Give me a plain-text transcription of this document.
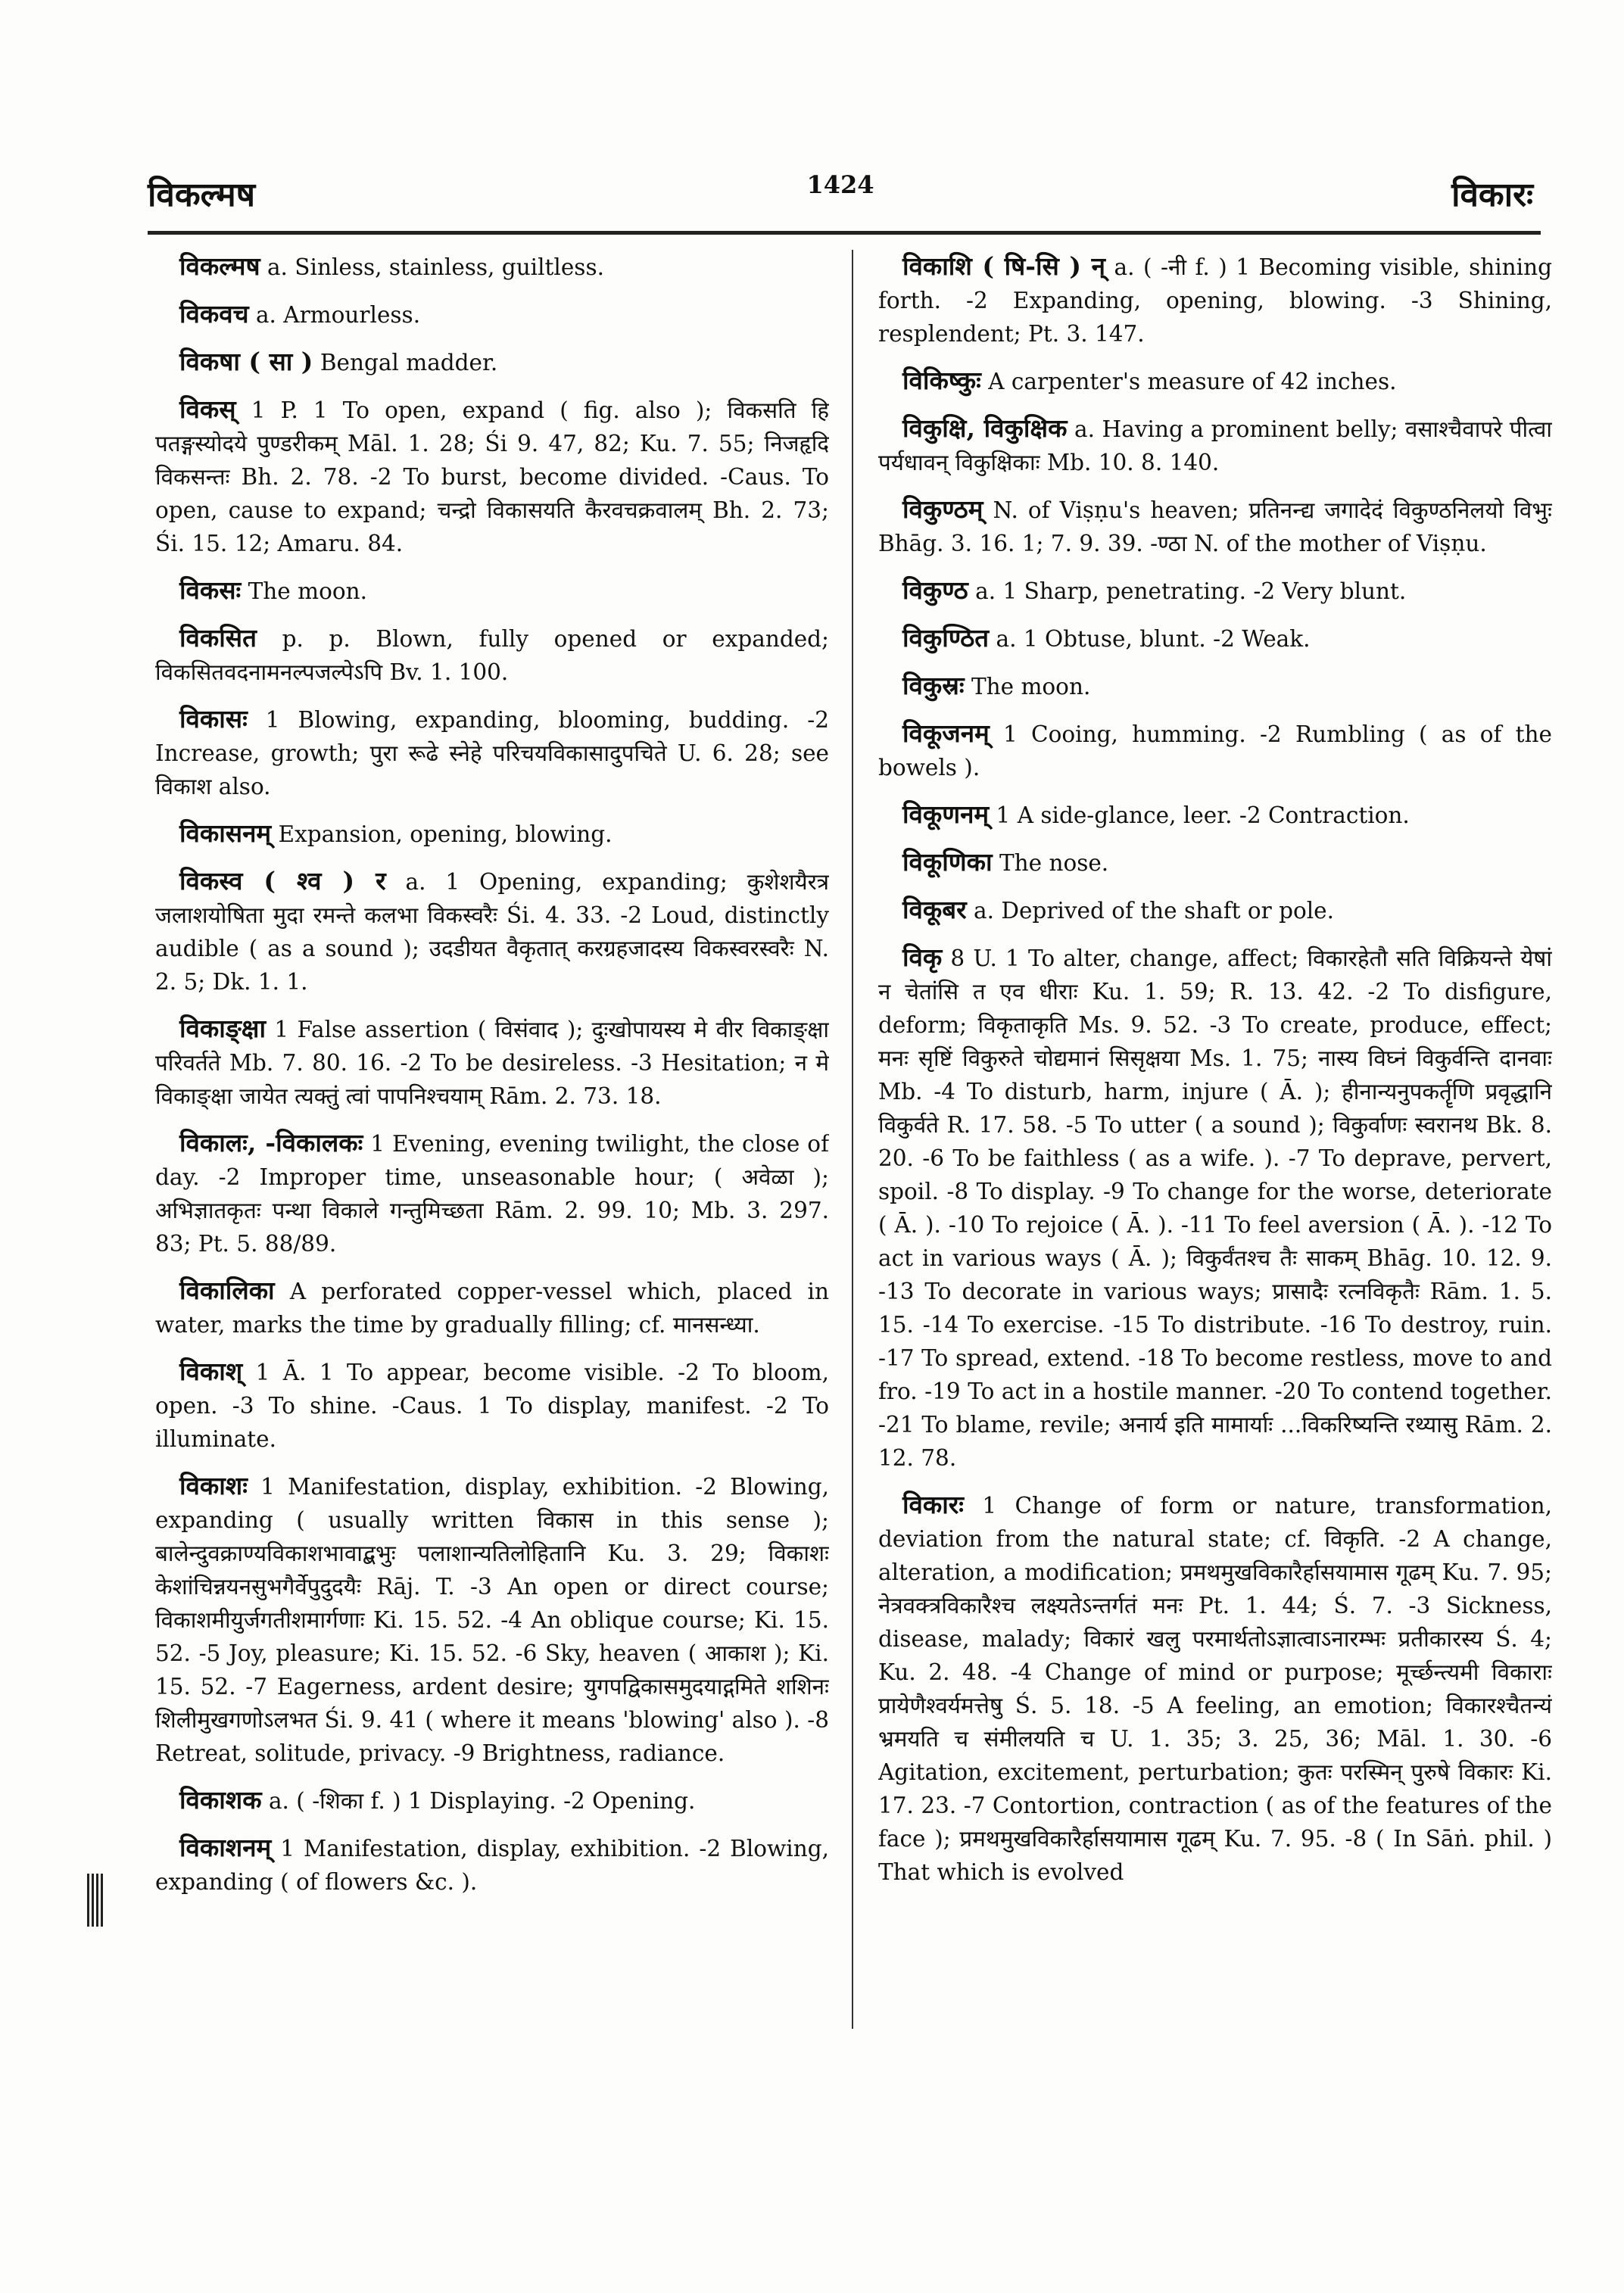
विकल्मष	1424	विकारः

विकल्मष a. Sinless, stainless, guiltless.

विकवच a. Armourless.

विकषा ( सा ) Bengal madder.

विकस् 1 P. 1 To open, expand ( fig. also ); विकसति हि पतङ्गस्योदये पुण्डरीकम् Māl. 1. 28; Śi 9. 47, 82; Ku. 7. 55; निजहृदि विकसन्तः Bh. 2. 78. -2 To burst, become divided. -Caus. To open, cause to expand; चन्द्रो विकासयति कैरवचक्रवालम् Bh. 2. 73; Śi. 15. 12; Amaru. 84.

विकसः The moon.

विकसित p. p. Blown, fully opened or expanded; विकसितवदनामनल्पजल्पेऽपि Bv. 1. 100.

विकासः 1 Blowing, expanding, blooming, budding. -2 Increase, growth; पुरा रूढे स्नेहे परिचयविकासादुपचिते U. 6. 28; see विकाश also.

विकासनम् Expansion, opening, blowing.

विकस्व ( श्व ) र a. 1 Opening, expanding; कुशेशयैरत्र जलाशयोषिता मुदा रमन्ते कलभा विकस्वरैः Śi. 4. 33. -2 Loud, distinctly audible ( as a sound ); उदडीयत वैकृतात् करग्रहजादस्य विकस्वरस्वरैः N. 2. 5; Dk. 1. 1.

विकाङ्क्षा 1 False assertion ( विसंवाद ); दुःखोपायस्य मे वीर विकाङ्क्षा परिवर्तते Mb. 7. 80. 16. -2 To be desireless. -3 Hesitation; न मे विकाङ्क्षा जायेत त्यक्तुं त्वां पापनिश्चयाम् Rām. 2. 73. 18.

विकालः, -विकालकः 1 Evening, evening twilight, the close of day. -2 Improper time, unseasonable hour; ( अवेळा ); अभिज्ञातकृतः पन्था विकाले गन्तुमिच्छता Rām. 2. 99. 10; Mb. 3. 297. 83; Pt. 5. 88/89.

विकालिका A perforated copper-vessel which, placed in water, marks the time by gradually filling; cf. मानसन्ध्या.

विकाश् 1 Ā. 1 To appear, become visible. -2 To bloom, open. -3 To shine. -Caus. 1 To display, manifest. -2 To illuminate.

विकाशः 1 Manifestation, display, exhibition. -2 Blowing, expanding ( usually written विकास in this sense ); बालेन्दुवक्राण्यविकाशभावाद्बभुः पलाशान्यतिलोहितानि Ku. 3. 29; विकाशः केशांचिन्नयनसुभगैर्वेपुदुदयैः Rāj. T. -3 An open or direct course; विकाशमीयुर्जगतीशमार्गणाः Ki. 15. 52. -4 An oblique course; Ki. 15. 52. -5 Joy, pleasure; Ki. 15. 52. -6 Sky, heaven ( आकाश ); Ki. 15. 52. -7 Eagerness, ardent desire; युगपद्विकासमुदयाद्गमिते शशिनः शिलीमुखगणोऽलभत Śi. 9. 41 ( where it means 'blowing' also ). -8 Retreat, solitude, privacy. -9 Brightness, radiance.

विकाशक a. ( -शिका f. ) 1 Displaying. -2 Opening.

विकाशनम् 1 Manifestation, display, exhibition. -2 Blowing, expanding ( of flowers &c. ).

विकाशि ( षि-सि ) न् a. ( -नी f. ) 1 Becoming visible, shining forth. -2 Expanding, opening, blowing. -3 Shining, resplendent; Pt. 3. 147.

विकिष्कुः A carpenter's measure of 42 inches.

विकुक्षि, विकुक्षिक a. Having a prominent belly; वसाश्चैवापरे पीत्वा पर्यधावन् विकुक्षिकाः Mb. 10. 8. 140.

विकुण्ठम् N. of Viṣṇu's heaven; प्रतिनन्द्य जगादेदं विकुण्ठनिलयो विभुः Bhāg. 3. 16. 1; 7. 9. 39. -ण्ठा N. of the mother of Viṣṇu.

विकुण्ठ a. 1 Sharp, penetrating. -2 Very blunt.

विकुण्ठित a. 1 Obtuse, blunt. -2 Weak.

विकुस्रः The moon.

विकूजनम् 1 Cooing, humming. -2 Rumbling ( as of the bowels ).

विकूणनम् 1 A side-glance, leer. -2 Contraction.

विकूणिका The nose.

विकूबर a. Deprived of the shaft or pole.

विकृ 8 U. 1 To alter, change, affect; विकारहेतौ सति विक्रियन्ते येषां न चेतांसि त एव धीराः Ku. 1. 59; R. 13. 42. -2 To disfigure, deform; विकृताकृति Ms. 9. 52. -3 To create, produce, effect; मनः सृष्टिं विकुरुते चोद्यमानं सिसृक्षया Ms. 1. 75; नास्य विघ्नं विकुर्वन्ति दानवाः Mb. -4 To disturb, harm, injure ( Ā. ); हीनान्यनुपकर्तॄणि प्रवृद्धानि विकुर्वते R. 17. 58. -5 To utter ( a sound ); विकुर्वाणः स्वरानथ Bk. 8. 20. -6 To be faithless ( as a wife. ). -7 To deprave, pervert, spoil. -8 To display. -9 To change for the worse, deteriorate ( Ā. ). -10 To rejoice ( Ā. ). -11 To feel aversion ( Ā. ). -12 To act in various ways ( Ā. ); विकुर्वंतश्च तैः साकम् Bhāg. 10. 12. 9. -13 To decorate in various ways; प्रासादैः रत्नविकृतैः Rām. 1. 5. 15. -14 To exercise. -15 To distribute. -16 To destroy, ruin. -17 To spread, extend. -18 To become restless, move to and fro. -19 To act in a hostile manner. -20 To contend together. -21 To blame, revile; अनार्य इति मामार्याः ...विकरिष्यन्ति रथ्यासु Rām. 2. 12. 78.

विकारः 1 Change of form or nature, transformation, deviation from the natural state; cf. विकृति. -2 A change, alteration, a modification; प्रमथमुखविकारैर्हासयामास गूढम् Ku. 7. 95; नेत्रवक्त्रविकारैश्च लक्ष्यतेऽन्तर्गतं मनः Pt. 1. 44; Ś. 7. -3 Sickness, disease, malady; विकारं खलु परमार्थतोऽज्ञात्वाऽनारम्भः प्रतीकारस्य Ś. 4; Ku. 2. 48. -4 Change of mind or purpose; मूर्च्छन्त्यमी विकाराः प्रायेणैश्वर्यमत्तेषु Ś. 5. 18. -5 A feeling, an emotion; विकारश्चैतन्यं भ्रमयति च संमीलयति च U. 1. 35; 3. 25, 36; Māl. 1. 30. -6 Agitation, excitement, perturbation; कुतः परस्मिन् पुरुषे विकारः Ki. 17. 23. -7 Contortion, contraction ( as of the features of the face ); प्रमथमुखविकारैर्हासयामास गूढम् Ku. 7. 95. -8 ( In Sāṅ. phil. ) That which is evolved
